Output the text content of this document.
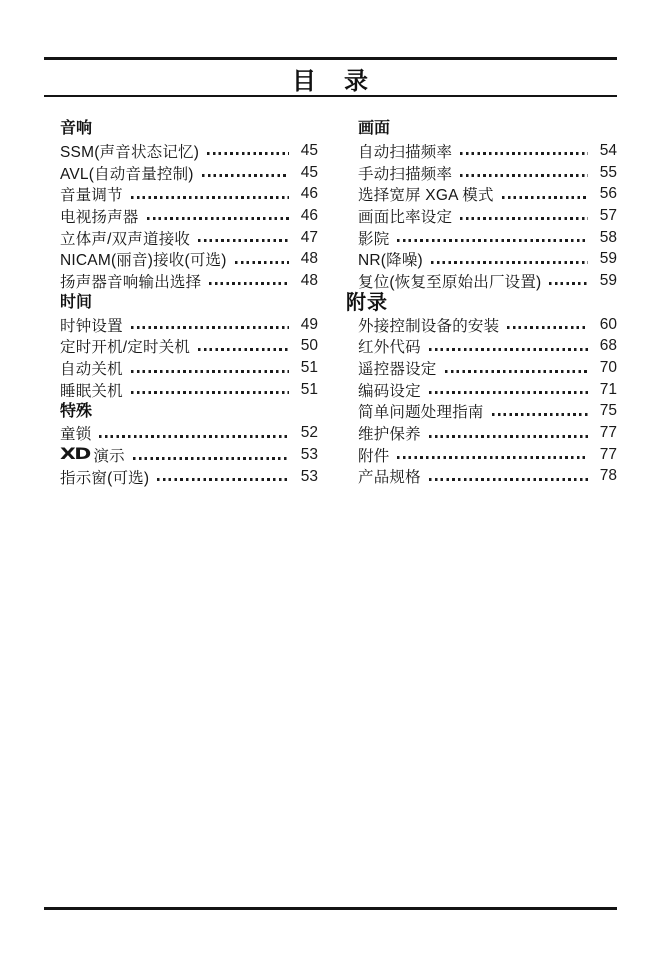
目　录
音响
SSM(声音状态记忆)	45
AVL(自动音量控制)	45
音量调节	46
电视扬声器	46
立体声/双声道接收	47
NICAM(丽音)接收(可选)	48
扬声器音响输出选择	48
时间
时钟设置	49
定时开机/定时关机	50
自动关机	51
睡眠关机	51
特殊
童锁	52
XD 演示	53
指示窗(可选)	53
画面
自动扫描频率	54
手动扫描频率	55
选择宽屏 XGA 模式	56
画面比率设定	57
影院	58
NR(降噪)	59
复位(恢复至原始出厂设置)	59
附录
外接控制设备的安装	60
红外代码	68
遥控器设定	70
编码设定	71
简单问题处理指南	75
维护保养	77
附件	77
产品规格	78
